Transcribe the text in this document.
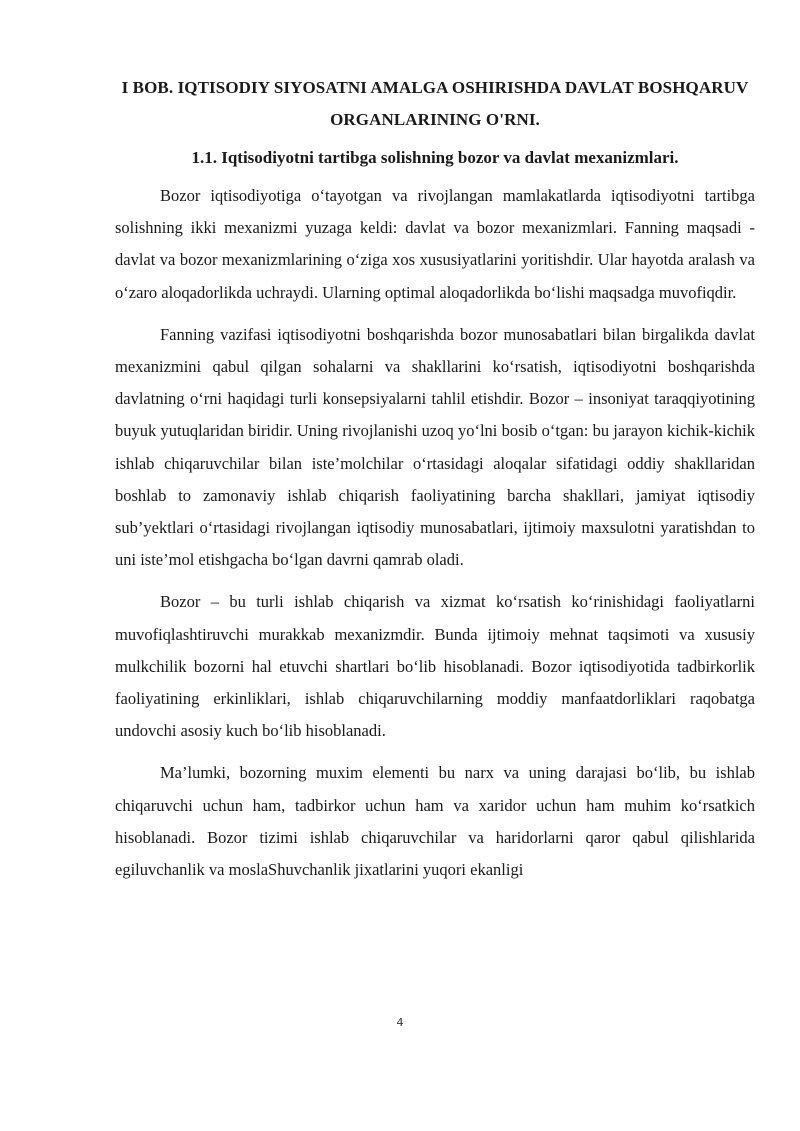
I BOB. IQTISODIY SIYOSATNI AMALGA OSHIRISHDA DAVLAT BOSHQARUV ORGANLARINING O'RNI.
1.1. Iqtisodiyotni tartibga solishning bozor va davlat mexanizmlari.

Bozor iqtisodiyotiga o‘tayotgan va rivojlangan mamlakatlarda iqtisodiyotni tartibga solishning ikki mexanizmi yuzaga keldi: davlat va bozor mexanizmlari. Fanning maqsadi - davlat va bozor mexanizmlarining o‘ziga xos xususiyatlarini yoritishdir. Ular hayotda aralash va o‘zaro aloqadorlikda uchraydi. Ularning optimal aloqadorlikda bo‘lishi maqsadga muvofiqdir.

Fanning vazifasi iqtisodiyotni boshqarishda bozor munosabatlari bilan birgalikda davlat mexanizmini qabul qilgan sohalarni va shakllarini ko‘rsatish, iqtisodiyotni boshqarishda davlatning o‘rni haqidagi turli konsepsiyalarni tahlil etishdir. Bozor – insoniyat taraqqiyotining buyuk yutuqlaridan biridir. Uning rivojlanishi uzoq yo‘lni bosib o‘tgan: bu jarayon kichik-kichik ishlab chiqaruvchilar bilan iste’molchilar o‘rtasidagi aloqalar sifatidagi oddiy shakllaridan boshlab to zamonaviy ishlab chiqarish faoliyatining barcha shakllari, jamiyat iqtisodiy sub’yektlari o‘rtasidagi rivojlangan iqtisodiy munosabatlari, ijtimoiy maxsulotni yaratishdan to uni iste’mol etishgacha bo‘lgan davrni qamrab oladi.

Bozor – bu turli ishlab chiqarish va xizmat ko‘rsatish ko‘rinishidagi faoliyatlarni muvofiqlashtiruvchi murakkab mexanizmdir. Bunda ijtimoiy mehnat taqsimoti va xususiy mulkchilik bozorni hal etuvchi shartlari bo‘lib hisoblanadi. Bozor iqtisodiyotida tadbirkorlik faoliyatining erkinliklari, ishlab chiqaruvchilarning moddiy manfaatdorliklari raqobatga undovchi asosiy kuch bo‘lib hisoblanadi.

Ma’lumki, bozorning muxim elementi bu narx va uning darajasi bo‘lib, bu ishlab chiqaruvchi uchun ham, tadbirkor uchun ham va xaridor uchun ham muhim ko‘rsatkich hisoblanadi. Bozor tizimi ishlab chiqaruvchilar va haridorlarni qaror qabul qilishlarida egiluvchanlik va moslaShuvchanlik jixatlarini yuqori ekanligi

4
